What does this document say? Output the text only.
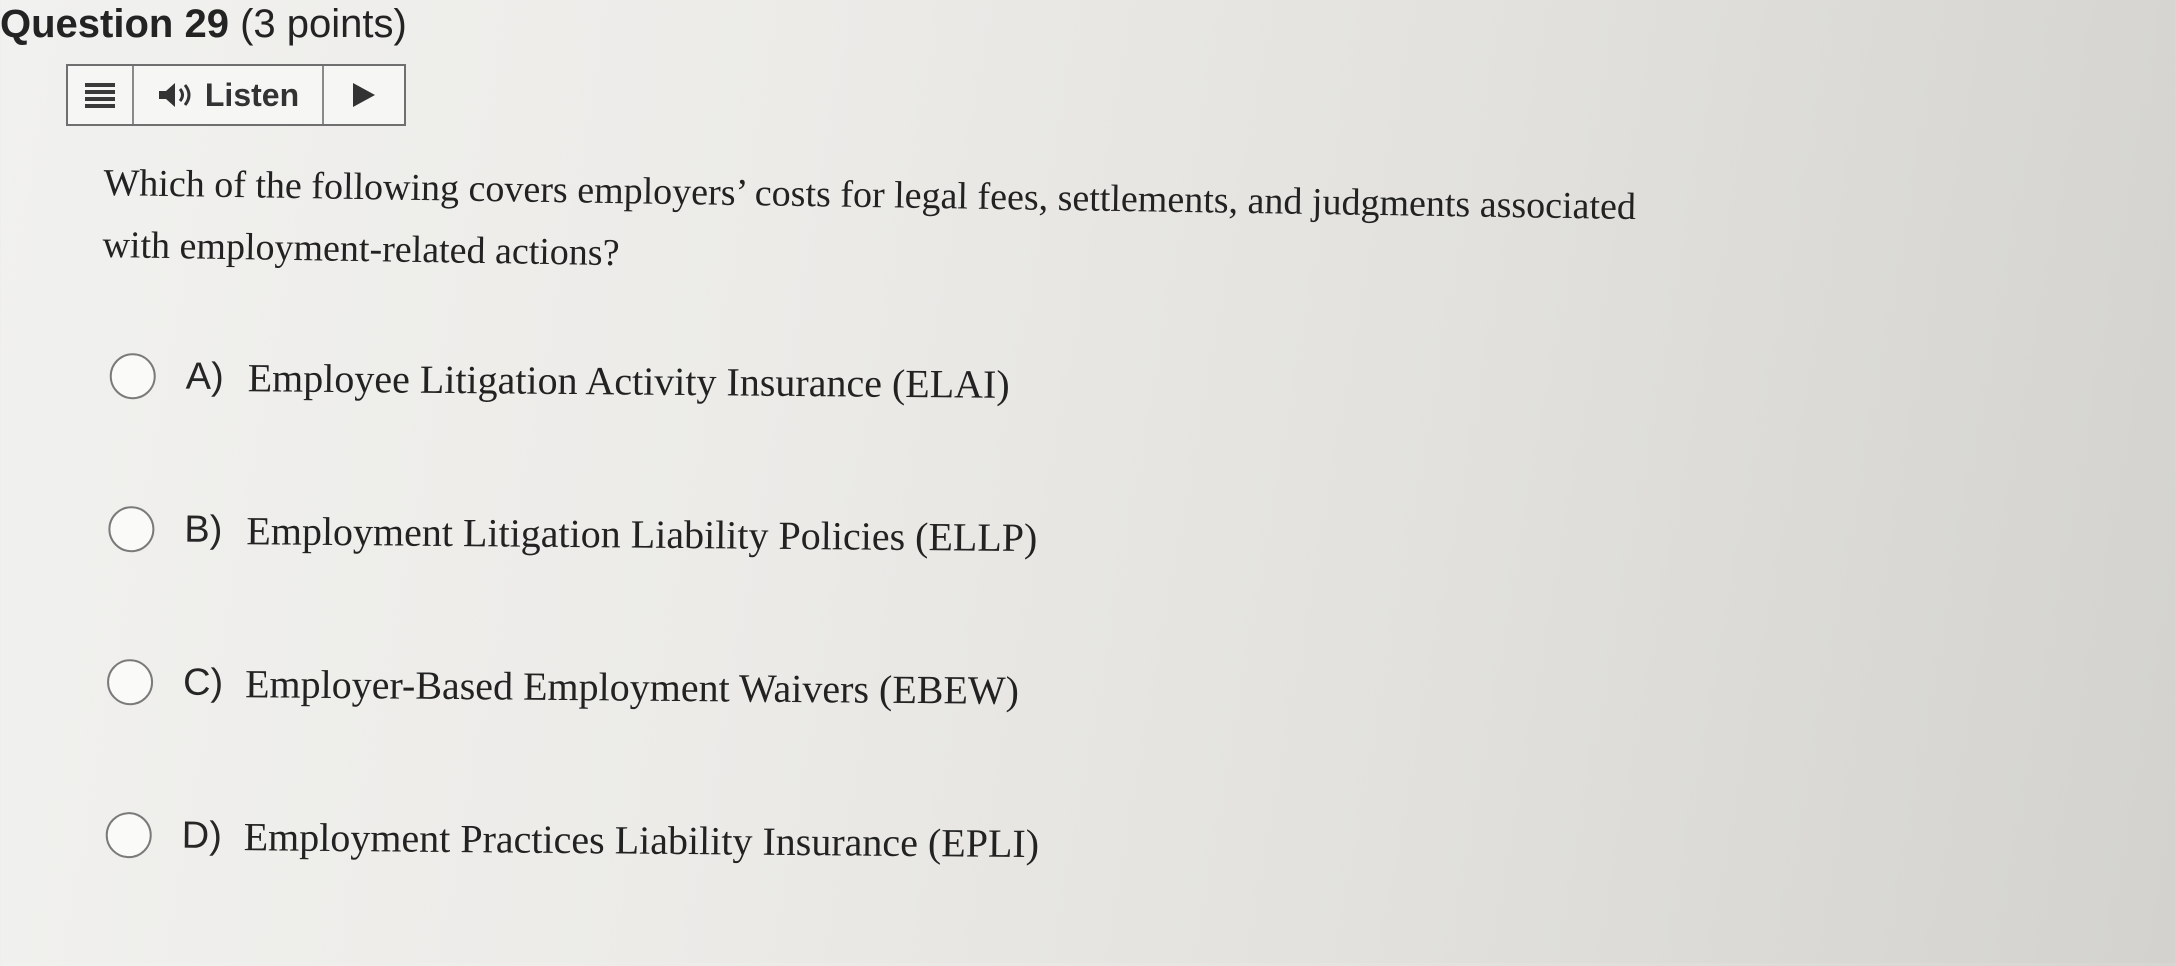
Question 29 (3 points)
Listen
Which of the following covers employers’ costs for legal fees, settlements, and judgments associated with employment-related actions?
A) Employee Litigation Activity Insurance (ELAI)
B) Employment Litigation Liability Policies (ELLP)
C) Employer-Based Employment Waivers (EBEW)
D) Employment Practices Liability Insurance (EPLI)
